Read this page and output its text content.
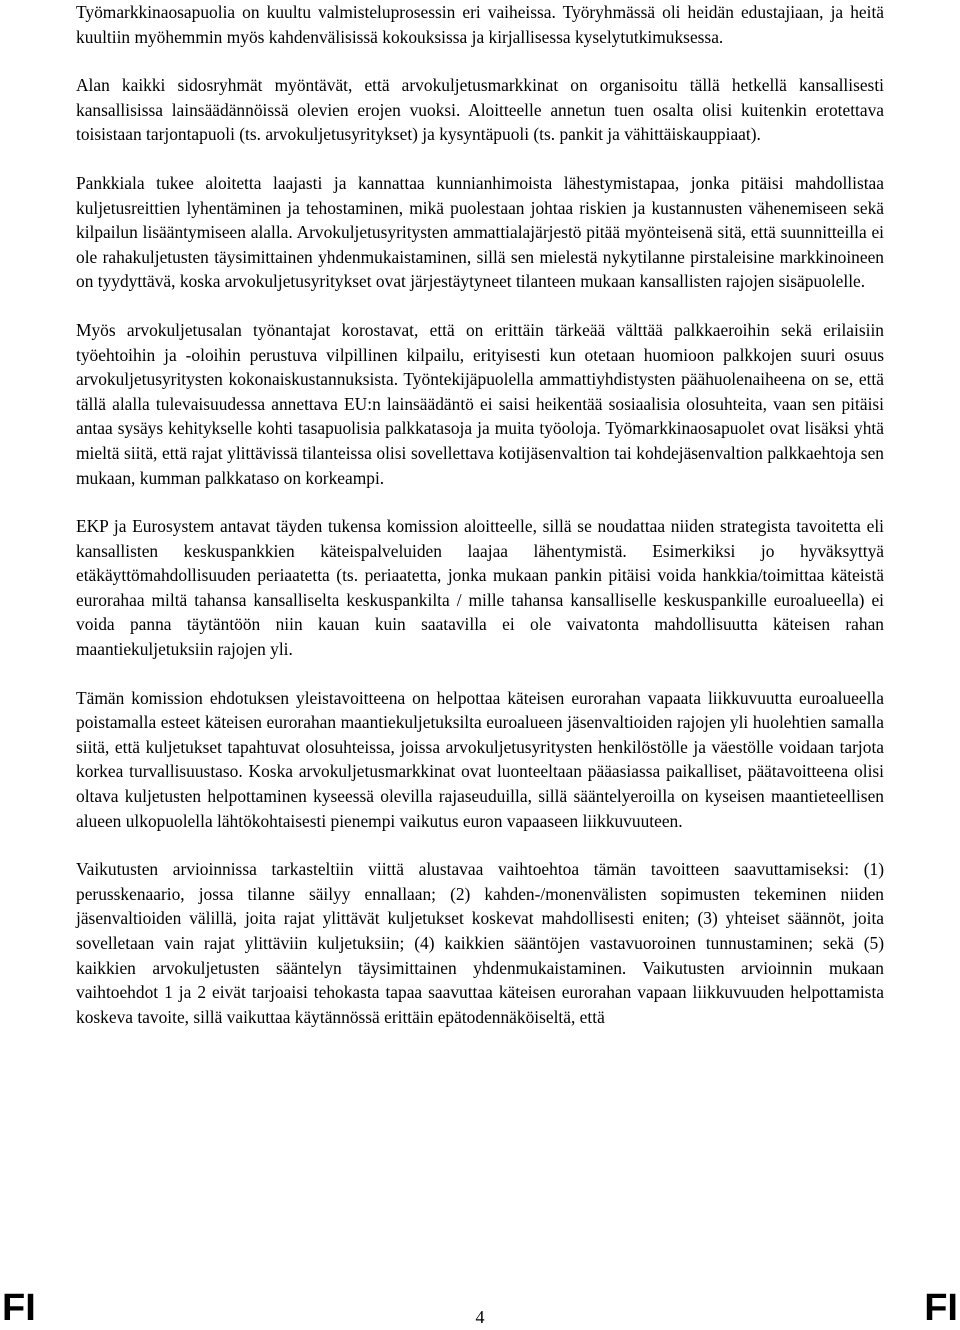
Työmarkkinaosapuolia on kuultu valmisteluprosessin eri vaiheissa. Työryhmässä oli heidän edustajiaan, ja heitä kuultiin myöhemmin myös kahdenvälisissä kokouksissa ja kirjallisessa kyselytutkimuksessa.

Alan kaikki sidosryhmät myöntävät, että arvokuljetusmarkkinat on organisoitu tällä hetkellä kansallisesti kansallisissa lainsäädännöissä olevien erojen vuoksi. Aloitteelle annetun tuen osalta olisi kuitenkin erotettava toisistaan tarjontapuoli (ts. arvokuljetusyritykset) ja kysyntäpuoli (ts. pankit ja vähittäiskauppiaat).

Pankkiala tukee aloitetta laajasti ja kannattaa kunnianhimoista lähestymistapaa, jonka pitäisi mahdollistaa kuljetusreittien lyhentäminen ja tehostaminen, mikä puolestaan johtaa riskien ja kustannusten vähenemiseen sekä kilpailun lisääntymiseen alalla. Arvokuljetusyritysten ammattialajärjestö pitää myönteisenä sitä, että suunnitteilla ei ole rahakuljetusten täysimittainen yhdenmukaistaminen, sillä sen mielestä nykytilanne pirstaleisine markkinoineen on tyydyttävä, koska arvokuljetusyritykset ovat järjestäytyneet tilanteen mukaan kansallisten rajojen sisäpuolelle.

Myös arvokuljetusalan työnantajat korostavat, että on erittäin tärkeää välttää palkkaeroihin sekä erilaisiin työehtoihin ja -oloihin perustuva vilpillinen kilpailu, erityisesti kun otetaan huomioon palkkojen suuri osuus arvokuljetusyritysten kokonaiskustannuksista. Työntekijäpuolella ammattiyhdistysten päähuolenaiheena on se, että tällä alalla tulevaisuudessa annettava EU:n lainsäädäntö ei saisi heikentää sosiaalisia olosuhteita, vaan sen pitäisi antaa sysäys kehitykselle kohti tasapuolisia palkkatasoja ja muita työoloja. Työmarkkinaosapuolet ovat lisäksi yhtä mieltä siitä, että rajat ylittävissä tilanteissa olisi sovellettava kotijäsenvaltion tai kohdejäsenvaltion palkkaehtoja sen mukaan, kumman palkkataso on korkeampi.

EKP ja Eurosystem antavat täyden tukensa komission aloitteelle, sillä se noudattaa niiden strategista tavoitetta eli kansallisten keskuspankkien käteispalveluiden laajaa lähentymistä. Esimerkiksi jo hyväksyttyä etäkäyttömahdollisuuden periaatetta (ts. periaatetta, jonka mukaan pankin pitäisi voida hankkia/toimittaa käteistä eurorahaa miltä tahansa kansalliselta keskuspankilta / mille tahansa kansalliselle keskuspankille euroalueella) ei voida panna täytäntöön niin kauan kuin saatavilla ei ole vaivatonta mahdollisuutta käteisen rahan maantiekuljetuksiin rajojen yli.

Tämän komission ehdotuksen yleistavoitteena on helpottaa käteisen eurorahan vapaata liikkuvuutta euroalueella poistamalla esteet käteisen eurorahan maantiekuljetuksilta euroalueen jäsenvaltioiden rajojen yli huolehtien samalla siitä, että kuljetukset tapahtuvat olosuhteissa, joissa arvokuljetusyritysten henkilöstölle ja väestölle voidaan tarjota korkea turvallisuustaso. Koska arvokuljetusmarkkinat ovat luonteeltaan pääasiassa paikalliset, päätavoitteena olisi oltava kuljetusten helpottaminen kyseessä olevilla rajaseuduilla, sillä sääntelyeroilla on kyseisen maantieteellisen alueen ulkopuolella lähtökohtaisesti pienempi vaikutus euron vapaaseen liikkuvuuteen.

Vaikutusten arvioinnissa tarkasteltiin viittä alustavaa vaihtoehtoa tämän tavoitteen saavuttamiseksi: (1) perusskenaario, jossa tilanne säilyy ennallaan; (2) kahden-/monenvälisten sopimusten tekeminen niiden jäsenvaltioiden välillä, joita rajat ylittävät kuljetukset koskevat mahdollisesti eniten; (3) yhteiset säännöt, joita sovelletaan vain rajat ylittäviin kuljetuksiin; (4) kaikkien sääntöjen vastavuoroinen tunnustaminen; sekä (5) kaikkien arvokuljetusten sääntelyn täysimittainen yhdenmukaistaminen. Vaikutusten arvioinnin mukaan vaihtoehdot 1 ja 2 eivät tarjoaisi tehokasta tapaa saavuttaa käteisen eurorahan vapaan liikkuvuuden helpottamista koskeva tavoite, sillä vaikuttaa käytännössä erittäin epätodennäköiseltä, että

FI	4	FI
